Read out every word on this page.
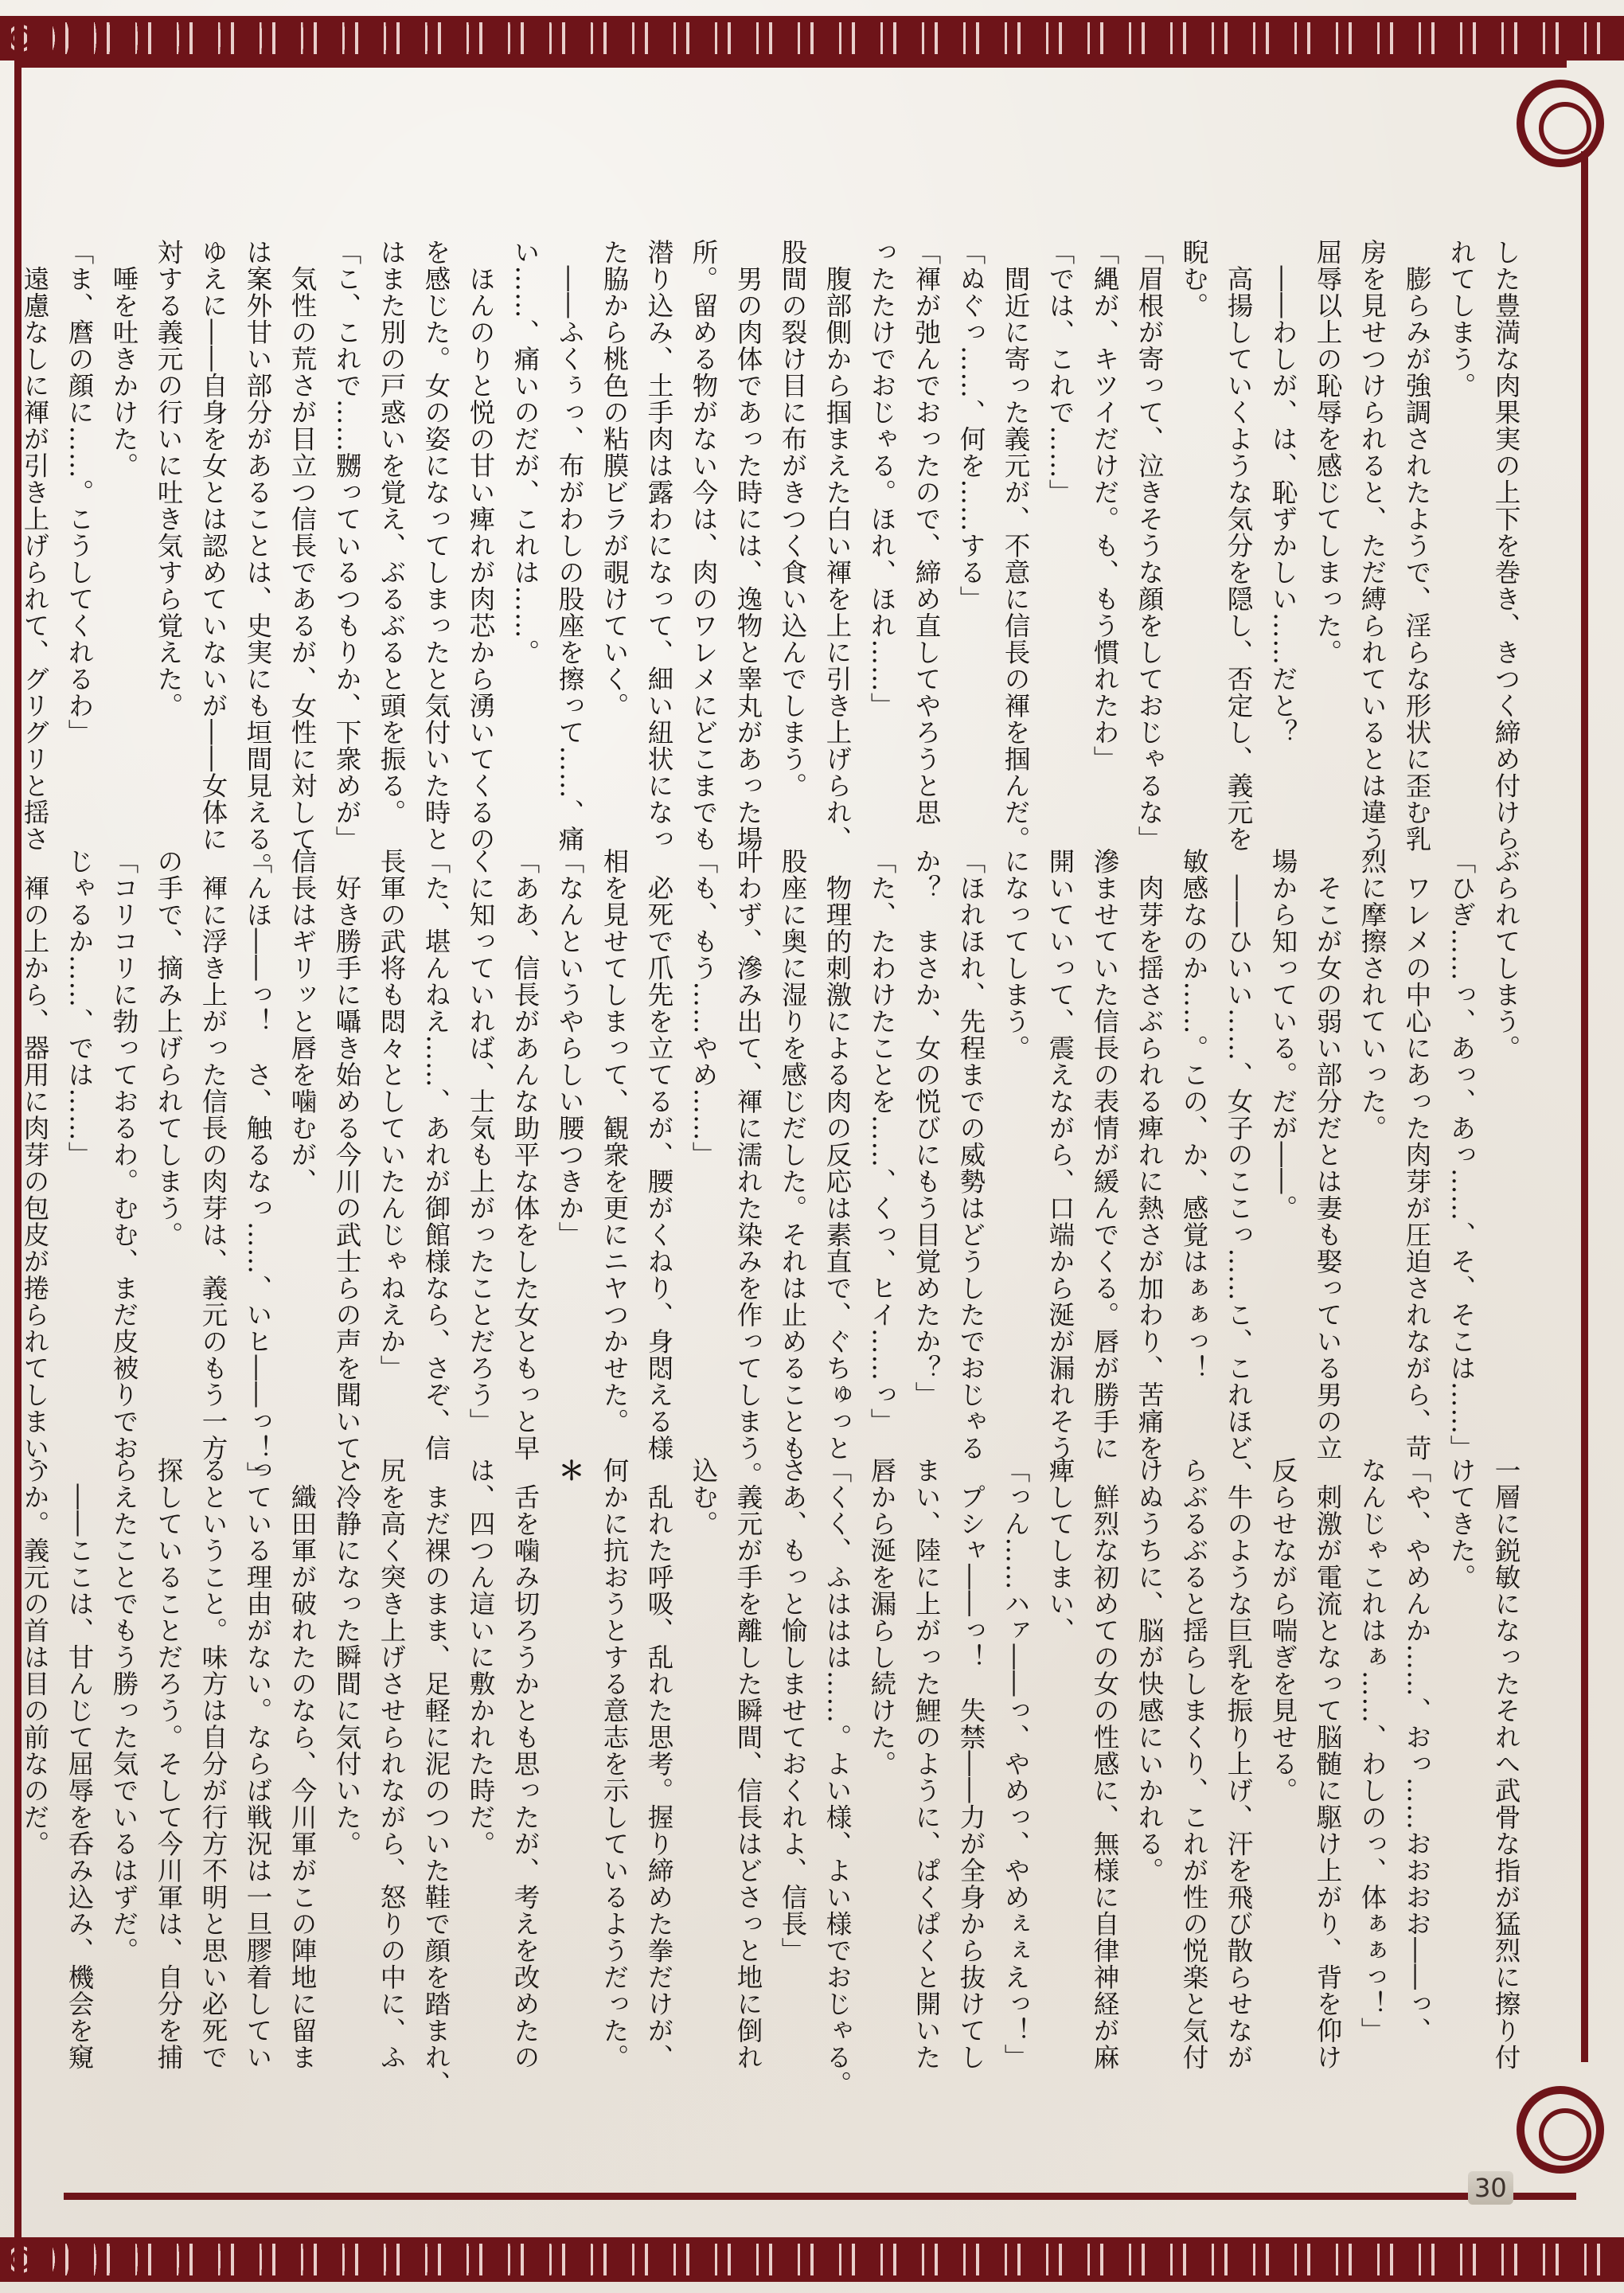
した豊満な肉果実の上下を巻き、きつく締め付けら

れてしまう。

　膨らみが強調されたようで、淫らな形状に歪む乳

房を見せつけられると、ただ縛られているとは違う

屈辱以上の恥辱を感じてしまった。

　――わしが、は、恥ずかしい……だと？

　高揚していくような気分を隠し、否定し、義元を

睨む。

「眉根が寄って、泣きそうな顔をしておじゃるな」

「縄が、キツイだけだ。も、もう慣れたわ」

「では、これで……」

　間近に寄った義元が、不意に信長の褌を掴んだ。

「ぬぐっ……、何を……する」

「褌が弛んでおったので、締め直してやろうと思

ったたけでおじゃる。ほれ、ほれ……」

　腹部側から掴まえた白い褌を上に引き上げられ、

股間の裂け目に布がきつく食い込んでしまう。

　男の肉体であった時には、逸物と睾丸があった場

所。留める物がない今は、肉のワレメにどこまでも

潜り込み、土手肉は露わになって、細い紐状になっ

た脇から桃色の粘膜ビラが覗けていく。

　――ふくぅっ、布がわしの股座を擦って……、痛

い……、痛いのだが、これは……。

　ほんのりと悦の甘い痺れが肉芯から湧いてくるの

を感じた。女の姿になってしまったと気付いた時と

はまた別の戸惑いを覚え、ぶるぶると頭を振る。

「こ、これで……嬲っているつもりか、下衆めが」

　気性の荒さが目立つ信長であるが、女性に対して

は案外甘い部分があることは、史実にも垣間見える。

ゆえに――自身を女とは認めていないが――女体に

対する義元の行いに吐き気すら覚えた。

　唾を吐きかけた。

「ま、麿の顔に……。こうしてくれるわ」

　遠慮なしに褌が引き上げられて、グリグリと揺さ

ぶられてしまう。

「ひぎ……っ、あっ、あっ……、そ、そこは……」

　ワレメの中心にあった肉芽が圧迫されながら、苛

烈に摩擦されていった。

　そこが女の弱い部分だとは妻も娶っている男の立

場から知っている。だが――。

　――ひいい……、女子のここっ……こ、これほど、

敏感なのか……。この、か、感覚はぁぁっ！

　肉芽を揺さぶられる痺れに熱さが加わり、苦痛を

滲ませていた信長の表情が緩んでくる。唇が勝手に

開いていって、震えながら、口端から涎が漏れそう

になってしまう。

「ほれほれ、先程までの威勢はどうしたでおじゃる

か？　まさか、女の悦びにもう目覚めたか？」

「た、たわけたことを……、くっ、ヒイ……っ」

　物理的刺激による肉の反応は素直で、ぐちゅっと

股座に奥に湿りを感じだした。それは止めることも

叶わず、滲み出て、褌に濡れた染みを作ってしまう。

「も、もう……やめ……」

　必死で爪先を立てるが、腰がくねり、身悶える様

相を見せてしまって、観衆を更にニヤつかせた。

「なんというやらしい腰つきか」

「ああ、信長があんな助平な体をした女ともっと早

くに知っていれば、士気も上がったことだろう」

「た、堪んねえ……、あれが御館様なら、さぞ、信

長軍の武将も悶々としていたんじゃねえか」

　好き勝手に囁き始める今川の武士らの声を聞いて、

信長はギリッと唇を噛むが、

「んほ――っ！　さ、触るなっ……、いヒ――っ！」

　褌に浮き上がった信長の肉芽は、義元のもう一方

の手で、摘み上げられてしまう。

「コリコリに勃っておるわ。むむ、まだ皮被りでお

じゃるか……、では……」

　褌の上から、器用に肉芽の包皮が捲られてしまい、

一層に鋭敏になったそれへ武骨な指が猛烈に擦り付

けてきた。

「や、やめんか……、おっ……おおおお――っ、

なんじゃこれはぁ……、わしのっ、体ぁぁっ！」

　刺激が電流となって脳髄に駆け上がり、背を仰け

反らせながら喘ぎを見せる。

　牛のような巨乳を振り上げ、汗を飛び散らせなが

らぶるぶると揺らしまくり、これが性の悦楽と気付

けぬうちに、脳が快感にいかれる。

　鮮烈な初めての女の性感に、無様に自律神経が麻

痺してしまい、

「っん……ハァ――っ、やめっ、やめぇぇえっ！」

　プシャ――っ！　失禁――力が全身から抜けてし

まい、陸に上がった鯉のように、ぱくぱくと開いた

唇から涎を漏らし続けた。

「くく、ふははは……。よい様、よい様でおじゃる。

さあ、もっと愉しませておくれよ、信長」

　義元が手を離した瞬間、信長はどさっと地に倒れ

込む。

　乱れた呼吸、乱れた思考。握り締めた拳だけが、

何かに抗おうとする意志を示しているようだった。

＊

　舌を噛み切ろうかとも思ったが、考えを改めたの

は、四つん這いに敷かれた時だ。

　まだ裸のまま、足軽に泥のついた鞋で顔を踏まれ、

尻を高く突き上げさせられながら、怒りの中に、ふ

と冷静になった瞬間に気付いた。

　織田軍が破れたのなら、今川軍がこの陣地に留ま

っている理由がない。ならば戦況は一旦膠着してい

るということ。味方は自分が行方不明と思い必死で

探していることだろう。そして今川軍は、自分を捕

らえたことでもう勝った気でいるはずだ。

　――ここは、甘んじて屈辱を呑み込み、機会を窺

うか。義元の首は目の前なのだ。

30
